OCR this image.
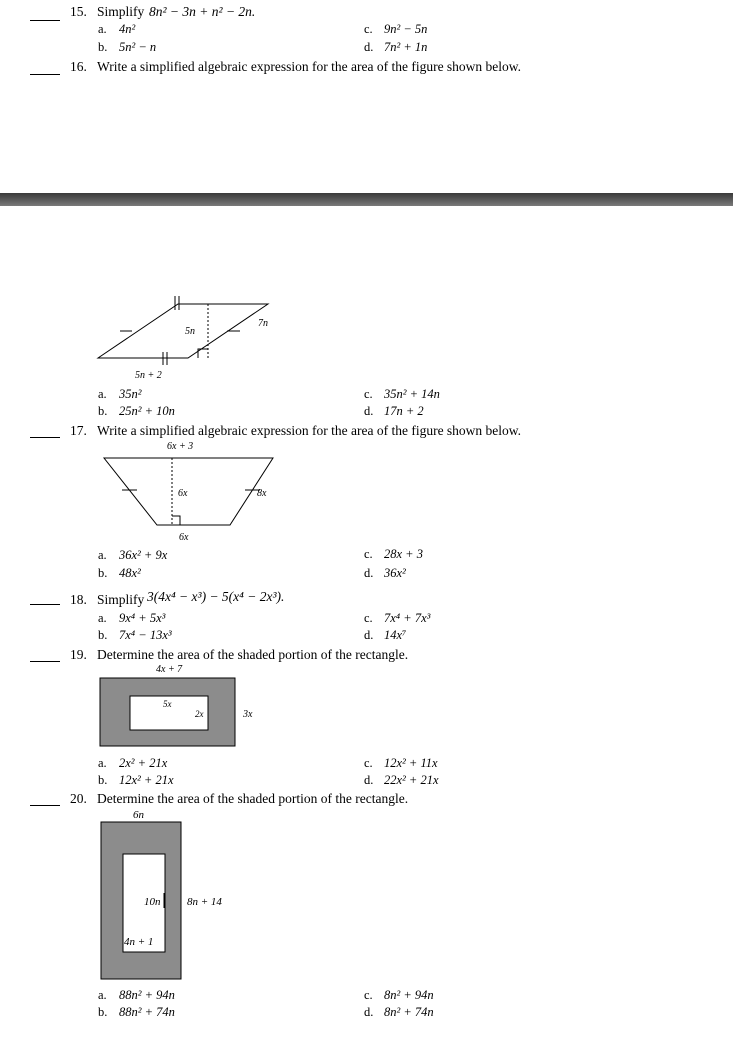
15. Simplify 8n² − 3n + n² − 2n.
a. 4n²
b. 5n² − n
c. 9n² − 5n
d. 7n² + 1n
16. Write a simplified algebraic expression for the area of the figure shown below.
5n
7n
5n + 2
a. 35n²
b. 25n² + 10n
c. 35n² + 14n
d. 17n + 2
17. Write a simplified algebraic expression for the area of the figure shown below.
6x + 3
6x	8x
6x
a. 36x² + 9x
b. 48x²
c. 28x + 3
d. 36x²
18. Simplify 3(4x⁴ − x³) − 5(x⁴ − 2x³).
a. 9x⁴ + 5x³
b. 7x⁴ − 13x³
c. 7x⁴ + 7x³
d. 14x⁷
19. Determine the area of the shaded portion of the rectangle.
4x + 7
5x
2x	3x
a. 2x² + 21x
b. 12x² + 21x
c. 12x² + 11x
d. 22x² + 21x
20. Determine the area of the shaded portion of the rectangle.
6n
10n
4n + 1
8n + 14
a. 88n² + 94n
b. 88n² + 74n
c. 8n² + 94n
d. 8n² + 74n
